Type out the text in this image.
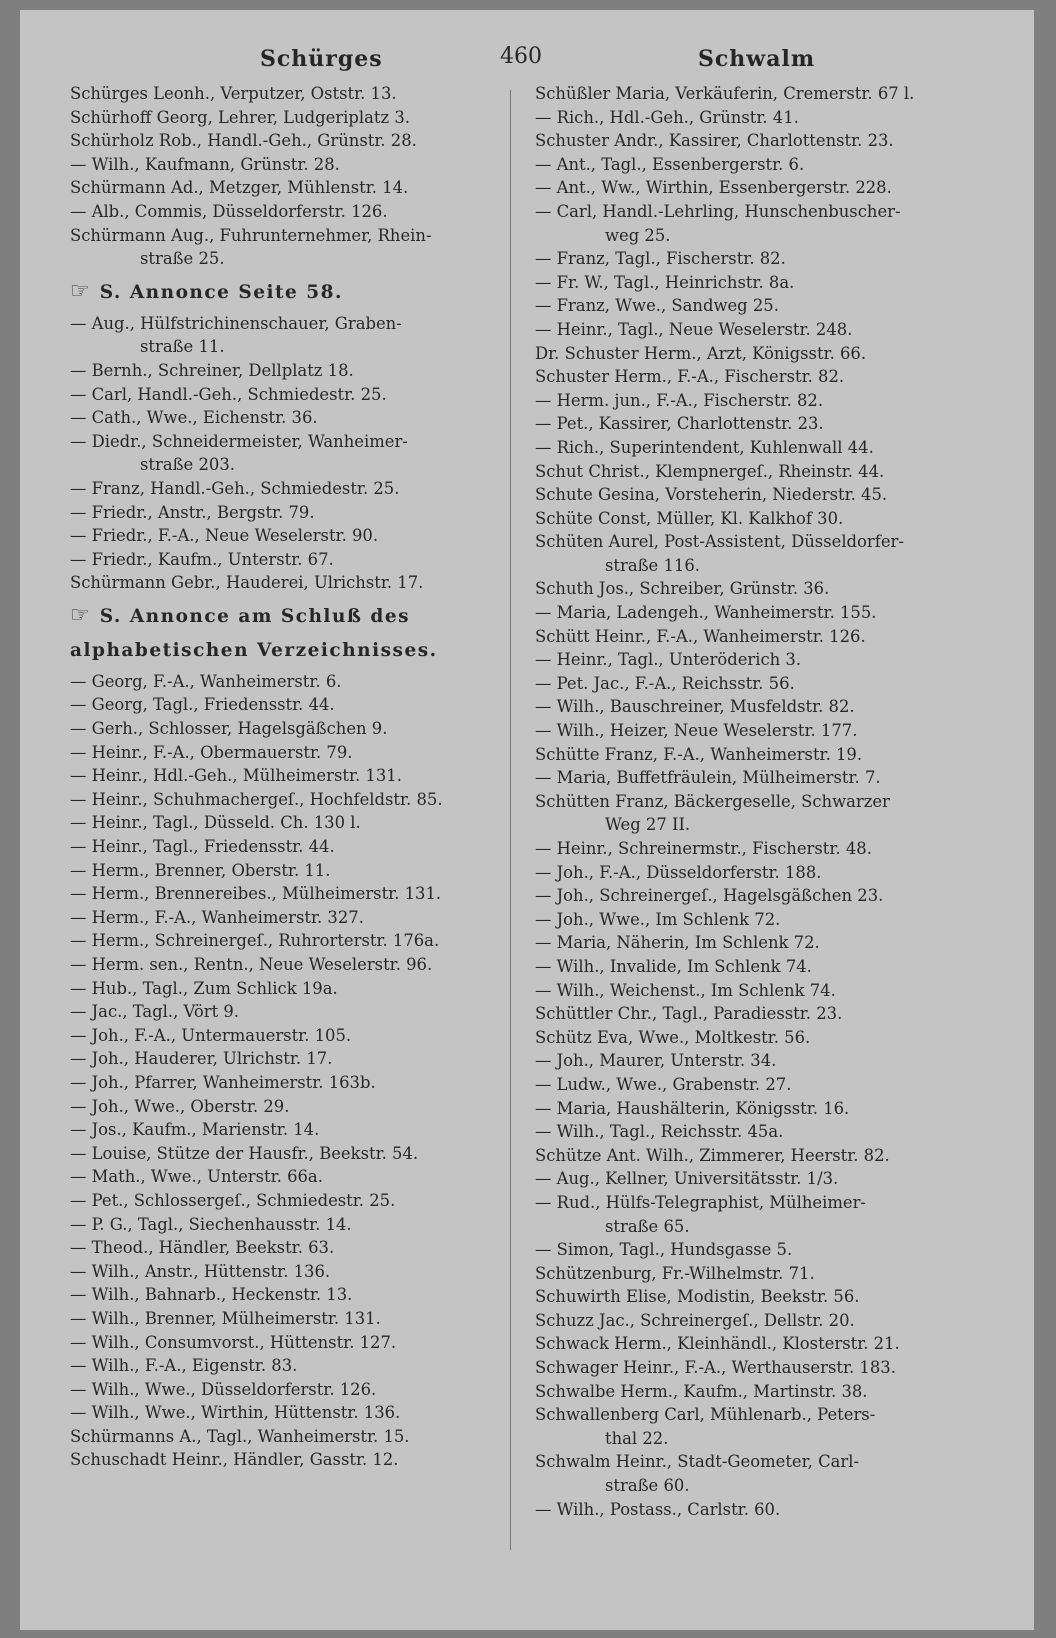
Schürges	460	Schwalm
Schürges Leonh., Verputzer, Oststr. 13.
Schürhoff Georg, Lehrer, Ludgeriplatz 3.
Schürholz Rob., Handl.-Geh., Grünstr. 28.
— Wilh., Kaufmann, Grünstr. 28.
Schürmann Ad., Metzger, Mühlenstr. 14.
— Alb., Commis, Düsseldorferstr. 126.
Schürmann Aug., Fuhrunternehmer, Rhein-
straße 25.
☞ S. Annonce Seite 58.
— Aug., Hülfstrichinenschauer, Graben-
straße 11.
— Bernh., Schreiner, Dellplatz 18.
— Carl, Handl.-Geh., Schmiedestr. 25.
— Cath., Wwe., Eichenstr. 36.
— Diedr., Schneidermeister, Wanheimer-
straße 203.
— Franz, Handl.-Geh., Schmiedestr. 25.
— Friedr., Anstr., Bergstr. 79.
— Friedr., F.-A., Neue Weselerstr. 90.
— Friedr., Kaufm., Unterstr. 67.
Schürmann Gebr., Hauderei, Ulrichstr. 17.
☞ S. Annonce am Schluß des
alphabetischen Verzeichnisses.
— Georg, F.-A., Wanheimerstr. 6.
— Georg, Tagl., Friedensstr. 44.
— Gerh., Schlosser, Hagelsgäßchen 9.
— Heinr., F.-A., Obermauerstr. 79.
— Heinr., Hdl.-Geh., Mülheimerstr. 131.
— Heinr., Schuhmachergeſ., Hochfeldstr. 85.
— Heinr., Tagl., Düsseld. Ch. 130 l.
— Heinr., Tagl., Friedensstr. 44.
— Herm., Brenner, Oberstr. 11.
— Herm., Brennereibes., Mülheimerstr. 131.
— Herm., F.-A., Wanheimerstr. 327.
— Herm., Schreinergeſ., Ruhrorterstr. 176a.
— Herm. sen., Rentn., Neue Weselerstr. 96.
— Hub., Tagl., Zum Schlick 19a.
— Jac., Tagl., Vört 9.
— Joh., F.-A., Untermauerstr. 105.
— Joh., Hauderer, Ulrichstr. 17.
— Joh., Pfarrer, Wanheimerstr. 163b.
— Joh., Wwe., Oberstr. 29.
— Jos., Kaufm., Marienstr. 14.
— Louise, Stütze der Hausfr., Beekstr. 54.
— Math., Wwe., Unterstr. 66a.
— Pet., Schlossergeſ., Schmiedestr. 25.
— P. G., Tagl., Siechenhausstr. 14.
— Theod., Händler, Beekstr. 63.
— Wilh., Anstr., Hüttenstr. 136.
— Wilh., Bahnarb., Heckenstr. 13.
— Wilh., Brenner, Mülheimerstr. 131.
— Wilh., Consumvorst., Hüttenstr. 127.
— Wilh., F.-A., Eigenstr. 83.
— Wilh., Wwe., Düsseldorferstr. 126.
— Wilh., Wwe., Wirthin, Hüttenstr. 136.
Schürmanns A., Tagl., Wanheimerstr. 15.
Schuschadt Heinr., Händler, Gasstr. 12.
Schüßler Maria, Verkäuferin, Cremerstr. 67 l.
— Rich., Hdl.-Geh., Grünstr. 41.
Schuster Andr., Kassirer, Charlottenstr. 23.
— Ant., Tagl., Essenbergerstr. 6.
— Ant., Ww., Wirthin, Essenbergerstr. 228.
— Carl, Handl.-Lehrling, Hunschenbuscher-
weg 25.
— Franz, Tagl., Fischerstr. 82.
— Fr. W., Tagl., Heinrichstr. 8a.
— Franz, Wwe., Sandweg 25.
— Heinr., Tagl., Neue Weselerstr. 248.
Dr. Schuster Herm., Arzt, Königsstr. 66.
Schuster Herm., F.-A., Fischerstr. 82.
— Herm. jun., F.-A., Fischerstr. 82.
— Pet., Kassirer, Charlottenstr. 23.
— Rich., Superintendent, Kuhlenwall 44.
Schut Christ., Klempnergeſ., Rheinstr. 44.
Schute Gesina, Vorsteherin, Niederstr. 45.
Schüte Const, Müller, Kl. Kalkhof 30.
Schüten Aurel, Post-Assistent, Düsseldorfer-
straße 116.
Schuth Jos., Schreiber, Grünstr. 36.
— Maria, Ladengeh., Wanheimerstr. 155.
Schütt Heinr., F.-A., Wanheimerstr. 126.
— Heinr., Tagl., Unteröderich 3.
— Pet. Jac., F.-A., Reichsstr. 56.
— Wilh., Bauschreiner, Musfeldstr. 82.
— Wilh., Heizer, Neue Weselerstr. 177.
Schütte Franz, F.-A., Wanheimerstr. 19.
— Maria, Buffetfräulein, Mülheimerstr. 7.
Schütten Franz, Bäckergeselle, Schwarzer
Weg 27 II.
— Heinr., Schreinermstr., Fischerstr. 48.
— Joh., F.-A., Düsseldorferstr. 188.
— Joh., Schreinergeſ., Hagelsgäßchen 23.
— Joh., Wwe., Im Schlenk 72.
— Maria, Näherin, Im Schlenk 72.
— Wilh., Invalide, Im Schlenk 74.
— Wilh., Weichenst., Im Schlenk 74.
Schüttler Chr., Tagl., Paradiesstr. 23.
Schütz Eva, Wwe., Moltkestr. 56.
— Joh., Maurer, Unterstr. 34.
— Ludw., Wwe., Grabenstr. 27.
— Maria, Haushälterin, Königsstr. 16.
— Wilh., Tagl., Reichsstr. 45a.
Schütze Ant. Wilh., Zimmerer, Heerstr. 82.
— Aug., Kellner, Universitätsstr. 1/3.
— Rud., Hülfs-Telegraphist, Mülheimer-
straße 65.
— Simon, Tagl., Hundsgasse 5.
Schützenburg, Fr.-Wilhelmstr. 71.
Schuwirth Elise, Modistin, Beekstr. 56.
Schuzz Jac., Schreinergeſ., Dellstr. 20.
Schwack Herm., Kleinhändl., Klosterstr. 21.
Schwager Heinr., F.-A., Werthauserstr. 183.
Schwalbe Herm., Kaufm., Martinstr. 38.
Schwallenberg Carl, Mühlenarb., Peters-
thal 22.
Schwalm Heinr., Stadt-Geometer, Carl-
straße 60.
— Wilh., Postass., Carlstr. 60.
